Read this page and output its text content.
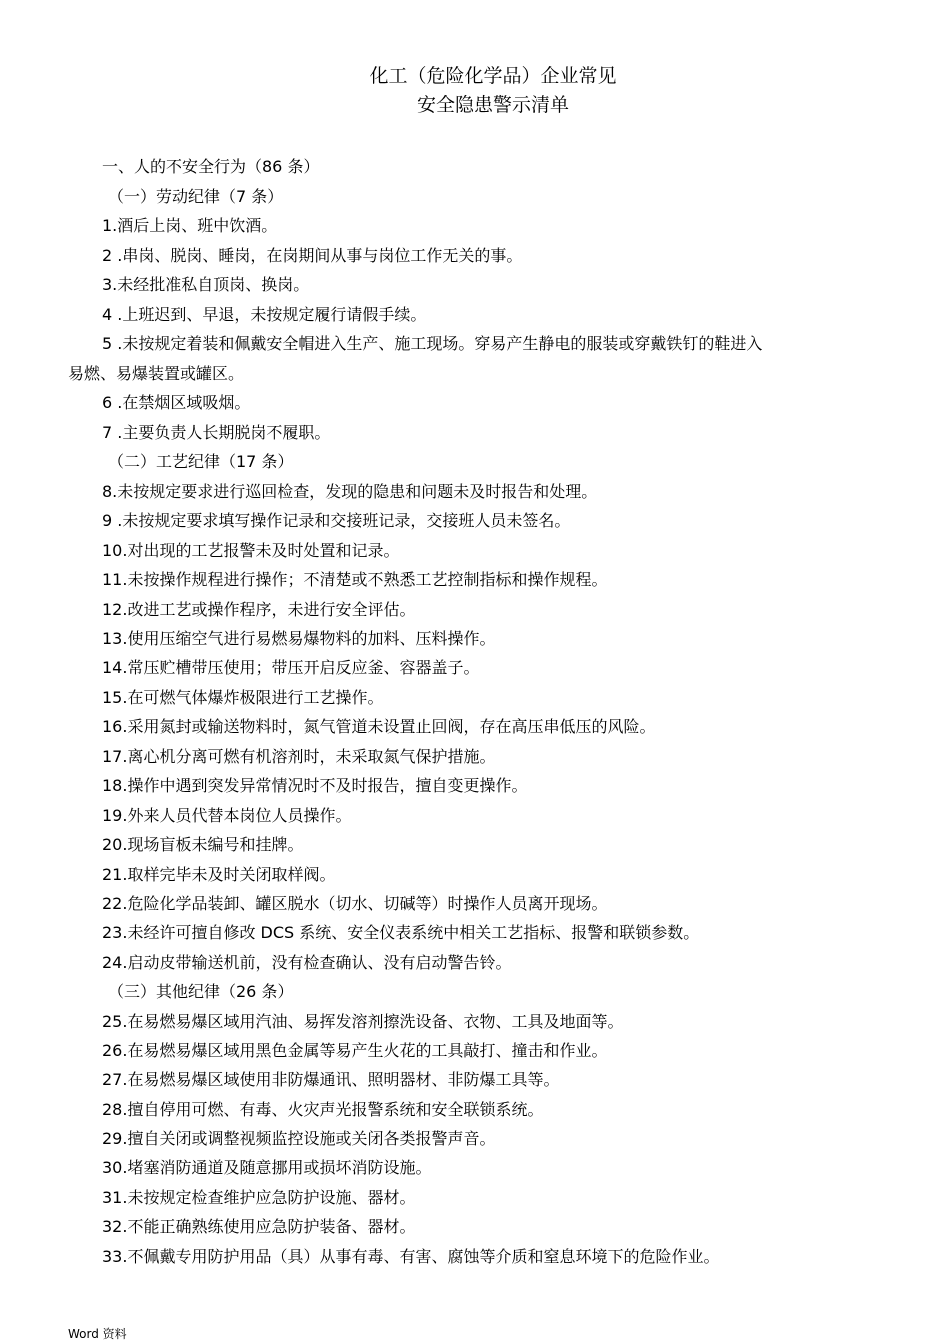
化工（危险化学品）企业常见
安全隐患警示清单
一、人的不安全行为（86 条）
（一）劳动纪律（7 条）
1.酒后上岗、班中饮酒。
2 .串岗、脱岗、睡岗，在岗期间从事与岗位工作无关的事。
3.未经批准私自顶岗、换岗。
4 .上班迟到、早退，未按规定履行请假手续。
5 .未按规定着装和佩戴安全帽进入生产、施工现场。穿易产生静电的服装或穿戴铁钉的鞋进入
易燃、易爆装置或罐区。
6 .在禁烟区域吸烟。
7 .主要负责人长期脱岗不履职。
（二）工艺纪律（17 条）
8.未按规定要求进行巡回检查，发现的隐患和问题未及时报告和处理。
9 .未按规定要求填写操作记录和交接班记录，交接班人员未签名。
10.对出现的工艺报警未及时处置和记录。
11.未按操作规程进行操作；不清楚或不熟悉工艺控制指标和操作规程。
12.改进工艺或操作程序，未进行安全评估。
13.使用压缩空气进行易燃易爆物料的加料、压料操作。
14.常压贮槽带压使用；带压开启反应釜、容器盖子。
15.在可燃气体爆炸极限进行工艺操作。
16.采用氮封或输送物料时，氮气管道未设置止回阀，存在高压串低压的风险。
17.离心机分离可燃有机溶剂时，未采取氮气保护措施。
18.操作中遇到突发异常情况时不及时报告，擅自变更操作。
19.外来人员代替本岗位人员操作。
20.现场盲板未编号和挂牌。
21.取样完毕未及时关闭取样阀。
22.危险化学品装卸、罐区脱水（切水、切碱等）时操作人员离开现场。
23.未经许可擅自修改 DCS 系统、安全仪表系统中相关工艺指标、报警和联锁参数。
24.启动皮带输送机前，没有检查确认、没有启动警告铃。
（三）其他纪律（26 条）
25.在易燃易爆区域用汽油、易挥发溶剂擦洗设备、衣物、工具及地面等。
26.在易燃易爆区域用黑色金属等易产生火花的工具敲打、撞击和作业。
27.在易燃易爆区域使用非防爆通讯、照明器材、非防爆工具等。
28.擅自停用可燃、有毒、火灾声光报警系统和安全联锁系统。
29.擅自关闭或调整视频监控设施或关闭各类报警声音。
30.堵塞消防通道及随意挪用或损坏消防设施。
31.未按规定检查维护应急防护设施、器材。
32.不能正确熟练使用应急防护装备、器材。
33.不佩戴专用防护用品（具）从事有毒、有害、腐蚀等介质和窒息环境下的危险作业。
Word 资料
